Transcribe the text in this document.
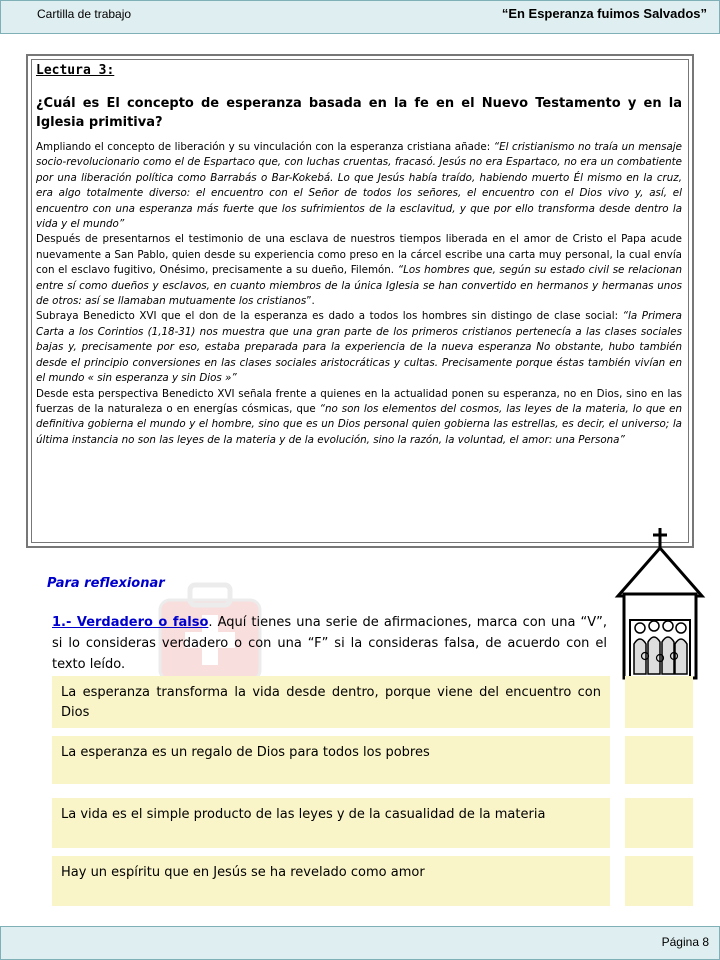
Cartilla de trabajo	“En Esperanza fuimos Salvados”

Lectura 3:

¿Cuál es El concepto de esperanza basada en la fe en el Nuevo Testamento y en la Iglesia primitiva?

Ampliando el concepto de liberación y su vinculación con la esperanza cristiana añade: “El cristianismo no traía un mensaje socio-revolucionario como el de Espartaco que, con luchas cruentas, fracasó. Jesús no era Espartaco, no era un combatiente por una liberación política como Barrabás o Bar-Kokebá. Lo que Jesús había traído, habiendo muerto Él mismo en la cruz, era algo totalmente diverso: el encuentro con el Señor de todos los señores, el encuentro con el Dios vivo y, así, el encuentro con una esperanza más fuerte que los sufrimientos de la esclavitud, y que por ello transforma desde dentro la vida y el mundo”

Después de presentarnos el testimonio de una esclava de nuestros tiempos liberada en el amor de Cristo el Papa acude nuevamente a San Pablo, quien desde su experiencia como preso en la cárcel escribe una carta muy personal, la cual envía con el esclavo fugitivo, Onésimo, precisamente a su dueño, Filemón. “Los hombres que, según su estado civil se relacionan entre sí como dueños y esclavos, en cuanto miembros de la única Iglesia se han convertido en hermanos y hermanas unos de otros: así se llamaban mutuamente los cristianos”.

Subraya Benedicto XVI que el don de la esperanza es dado a todos los hombres sin distingo de clase social: “la Primera Carta a los Corintios (1,18-31) nos muestra que una gran parte de los primeros cristianos pertenecía a las clases sociales bajas y, precisamente por eso, estaba preparada para la experiencia de la nueva esperanza No obstante, hubo también desde el principio conversiones en las clases sociales aristocráticas y cultas. Precisamente porque éstas también vivían en el mundo « sin esperanza y sin Dios »”

Desde esta perspectiva Benedicto XVI señala frente a quienes en la actualidad ponen su esperanza, no en Dios, sino en las fuerzas de la naturaleza o en energías cósmicas, que “no son los elementos del cosmos, las leyes de la materia, lo que en definitiva gobierna el mundo y el hombre, sino que es un Dios personal quien gobierna las estrellas, es decir, el universo; la última instancia no son las leyes de la materia y de la evolución, sino la razón, la voluntad, el amor: una Persona”

Para reflexionar
1.- Verdadero o falso. Aquí tienes una serie de afirmaciones, marca con una “V”, si lo consideras verdadero o con una “F” si la consideras falsa, de acuerdo con el texto leído.
La esperanza transforma la vida desde dentro, porque viene del encuentro con Dios
La esperanza es un regalo de Dios para todos los pobres
La vida es el simple producto de las leyes y de la casualidad de la materia
Hay un espíritu que en Jesús se ha revelado como amor
Página 8
